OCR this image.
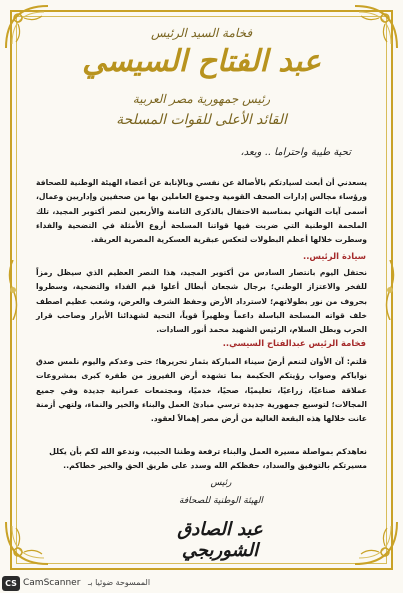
فخامة السيد الرئيس
عبد الفتاح السيسي
رئيس جمهورية مصر العربية
القائد الأعلى للقوات المسلحة
تحية طيبة واحتراما .. وبعد،
يسعدني أن أبعث لسيادتكم بالأصالة عن نفسي وبالإنابة عن أعضاء الهيئة الوطنية للصحافة ورؤساء مجالس إدارات الصحف القومية وجموع العاملين بها من صحفيين وإداريين وعمال، أسمى آيات التهاني بمناسبة الاحتفال بالذكرى الثامنة والأربعين لنصر أكتوبر المجيد، تلك الملحمة الوطنية التي ضربت فيها قواتنا المسلحة أروع الأمثلة في التضحية والفداء وسطرت خلالها أعظم البطولات لتعكس عبقرية العسكرية المصرية العريقة.
سيادة الرئيس..
نحتفل اليوم بانتصار السادس من أكتوبر المجيد، هذا النصر العظيم الذي سيظل رمزاً للفخر والاعتزاز الوطني؛ برجال شجعان أبطال أعلوا قيم الفداء والتضحية، وسطروا بحروف من نور بطولاتهم؛ لاسترداد الأرض وحفظ الشرف والعرض، وشعب عظيم اصطف خلف قواته المسلحة الباسلة داعماً وظهيراً قوياً، التحية لشهدائنا الأبرار وصاحب قرار الحرب وبطل السلام، الرئيس الشهيد محمد أنور السادات.
فخامة الرئيس عبدالفتاح السيسي..
قلتم: آن الأوان لتنعم أرضُ سيناء المباركة بثمار تحريرها؛ حتى وعدكم واليوم نلمس صدق نواياكم وصواب رؤيتكم الحكيمة بما تشهده أرض الفيروز من طفرة كبرى بمشروعات عملاقة صناعيًا، زراعيًا، تعليميًا، صحيًا، خدميًا، ومجتمعات عمرانية جديدة وفي جميع المجالات؛ لتوسيع جمهورية جديدة ترسي مبادئ العمل والبناء والخير والنماء، ولتهي أزمنة عانت خلالها هذه البقعة الغالية من أرض مصر إهمالاً لعقود.
نعاهدكم بمواصلة مسيرة العمل والبناء ترفعة وطننا الحبيب، وندعو الله لكم بأن يكلل مسيرتكم بالتوفيق والسداد، حفظكم الله وسدد على طريق الحق والخير خطاكم..
رئيس
الهيئة الوطنية للصحافة
عبد الصادق الشوربجي
CS CamScanner الممسوحة ضوئيا بـ
